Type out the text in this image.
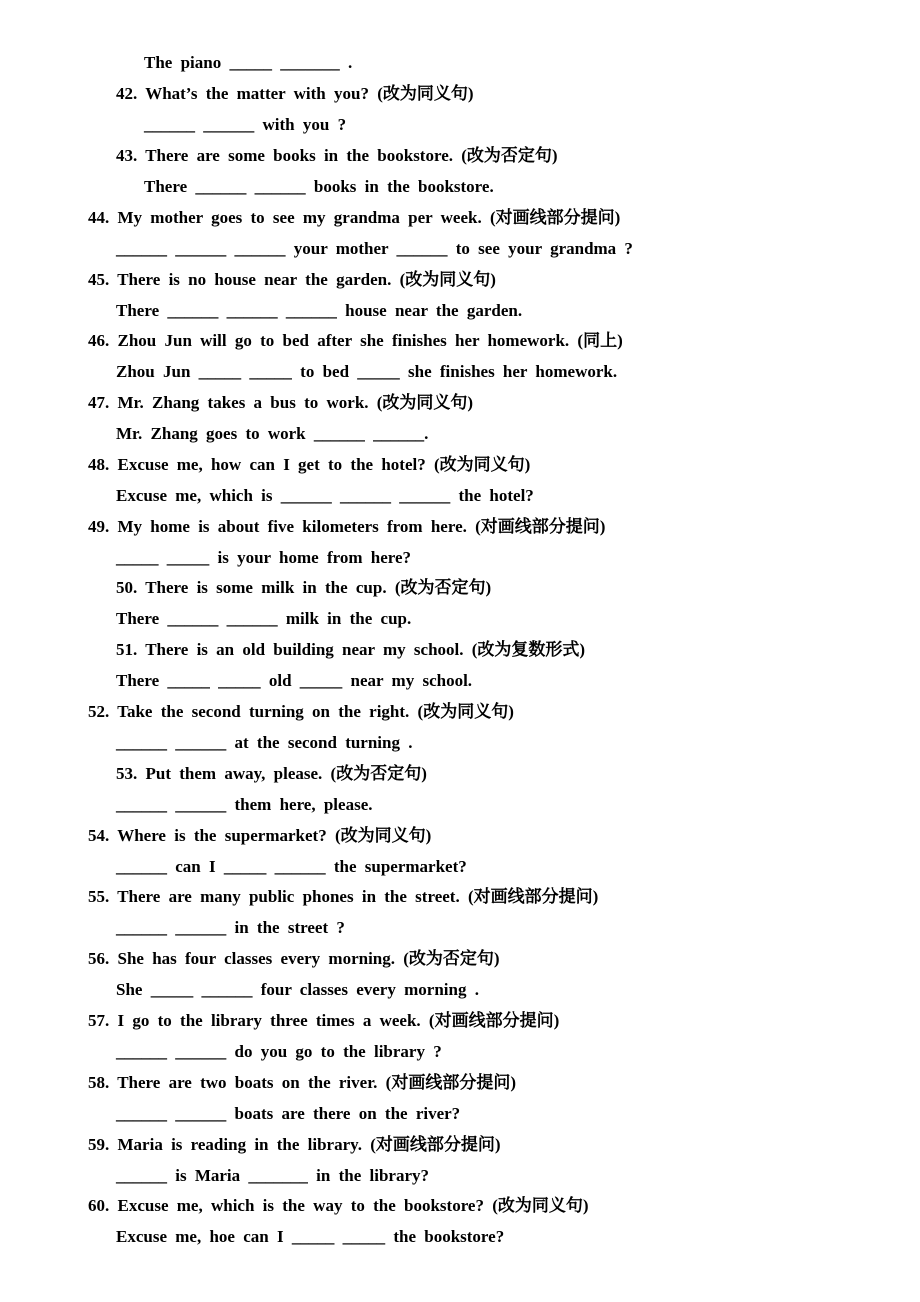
The piano _____ _______ .
42. What’s the matter with you? (改为同义句)
______ ______ with you ?
43. There are some books in the bookstore. (改为否定句)
There ______ ______ books in the bookstore.
44. My mother goes to see my grandma per week. (对画线部分提问)
______ ______ ______ your mother ______ to see your grandma ?
45. There is no house near the garden. (改为同义句)
There ______ ______ ______ house near the garden.
46. Zhou Jun will go to bed after she finishes her homework. (同上)
Zhou Jun _____ _____ to bed _____ she finishes her homework.
47. Mr. Zhang takes a bus to work. (改为同义句)
Mr. Zhang goes to work ______ ______.
48. Excuse me, how can I get to the hotel? (改为同义句)
Excuse me, which is ______ ______ ______ the hotel?
49. My home is about five kilometers from here. (对画线部分提问)
_____ _____ is your home from here?
50. There is some milk in the cup. (改为否定句)
There ______ ______ milk in the cup.
51. There is an old building near my school. (改为复数形式)
There _____ _____ old _____ near my school.
52. Take the second turning on the right. (改为同义句)
______ ______ at the second turning .
53. Put them away, please. (改为否定句)
______ ______ them here, please.
54. Where is the supermarket? (改为同义句)
______ can I _____ ______ the supermarket?
55. There are many public phones in the street. (对画线部分提问)
______ ______ in the street ?
56. She has four classes every morning. (改为否定句)
She _____ ______ four classes every morning .
57. I go to the library three times a week. (对画线部分提问)
______ ______ do you go to the library ?
58. There are two boats on the river. (对画线部分提问)
______ ______ boats are there on the river?
59. Maria is reading in the library. (对画线部分提问)
______ is Maria _______ in the library?
60. Excuse me, which is the way to the bookstore? (改为同义句)
Excuse me, hoe can I _____ _____ the bookstore?
